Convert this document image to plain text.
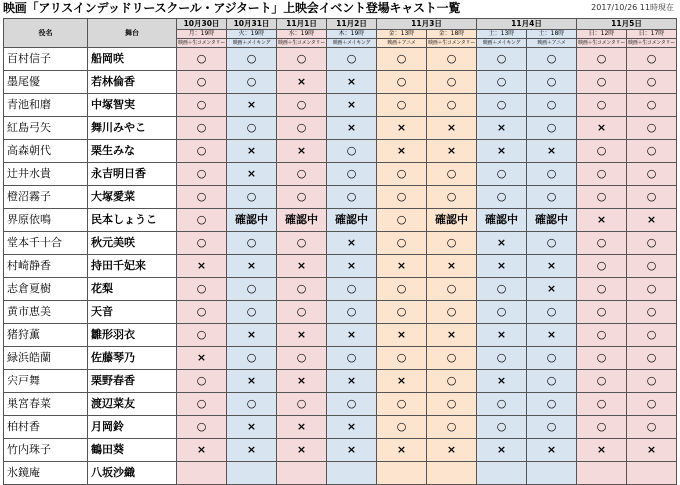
映画「アリスインデッドリースクール・アジタート」上映会イベント登場キャスト一覧	2017/10/26 11時現在
役名	舞台	10月30日	10月31日	11月1日	11月2日	11月3日		11月4日		11月5日	
		月：19時	火：19時	水：19時	木：19時	金：13時	金：18時	土：13時	土：18時	日：12時	日：17時
		映画＋生コメンタリー	映画＋メイキング	映画＋生コメンタリー	映画＋メイキング	映画＋アニメ	映画＋生コメンタリー	映画＋メイキング	映画＋アニメ	映画＋生コメンタリー	映画＋生コメンタリー
百村信子	船岡咲	○	○	○	○	○	○	○	○	○	○
墨尾優	若林倫香	○	○	×	×	○	○	○	○	○	○
青池和磨	中塚智実	○	×	○	×	○	○	○	○	○	○
紅島弓矢	舞川みやこ	○	○	○	×	×	×	×	○	×	○
高森朝代	栗生みな	○	×	×	○	×	×	×	×	○	○
辻井水貴	永吉明日香	○	×	○	○	○	○	○	○	○	○
橙沼霧子	大塚愛菜	○	○	○	○	○	○	○	○	○	○
界原依鳴	民本しょうこ	○	確認中	確認中	確認中	○	確認中	確認中	確認中	×	×
堂本千十合	秋元美咲	○	○	○	×	○	○	×	○	○	○
村崎静香	持田千妃来	×	×	×	×	×	×	×	×	○	○
志倉夏樹	花梨	○	○	○	○	○	○	○	×	○	○
黄市恵美	天音	○	○	○	○	○	○	○	○	○	○
猪狩薫	雛形羽衣	○	×	×	×	×	×	×	×	○	○
緑浜皓蘭	佐藤琴乃	×	○	○	○	○	○	○	○	○	○
宍戸舞	栗野春香	○	×	×	×	×	○	×	○	○	○
巣宮春菜	渡辺菜友	○	○	○	○	○	○	○	○	○	○
柏村香	月岡鈴	○	×	×	×	○	○	○	○	○	○
竹内珠子	鶴田葵	×	×	×	×	×	×	×	×	×	×
氷鏡庵	八坂沙織										
